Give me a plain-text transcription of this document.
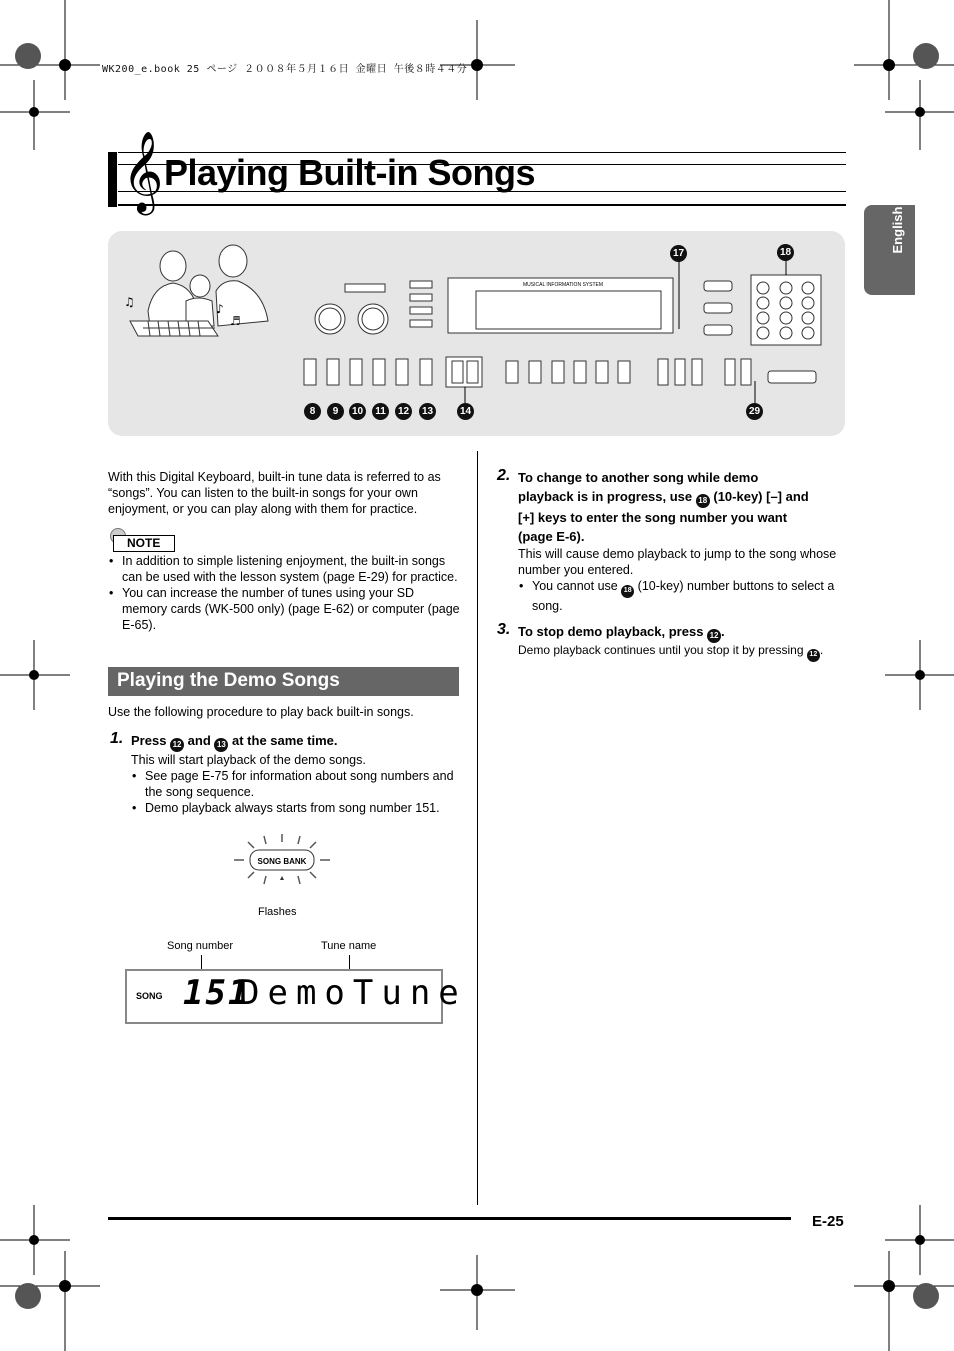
WK200_e.book 25 ページ ２００８年５月１６日 金曜日 午後８時４４分
𝄞 Playing Built-in Songs
English
♫	♪
♬
MUSICAL INFORMATION SYSTEM
8	9	10	11	12 13	14
17	18
29
With this Digital Keyboard, built-in tune data is referred to as “songs”. You can listen to the built-in songs for your own enjoyment, or you can play along with them for practice.
NOTE
• In addition to simple listening enjoyment, the built-in songs can be used with the lesson system (page E-29) for practice.
• You can increase the number of tunes using your SD memory cards (WK-500 only) (page E-62) or computer (page E-65).
Playing the Demo Songs
Use the following procedure to play back built-in songs.
1. Press 12 and 13 at the same time.
This will start playback of the demo songs.
• See page E-75 for information about song numbers and the song sequence.
• Demo playback always starts from song number 151.
SONG BANK
Flashes
Song number	Tune name
SONG 151
DemoTune
2. To change to another song while demo
playback is in progress, use 18 (10-key) [–] and
[+] keys to enter the song number you want
(page E-6).
This will cause demo playback to jump to the song whose number you entered.
• You cannot use 18 (10-key) number buttons to select a song.
3. To stop demo playback, press 12 .
Demo playback continues until you stop it by pressing 12 .
E-25
